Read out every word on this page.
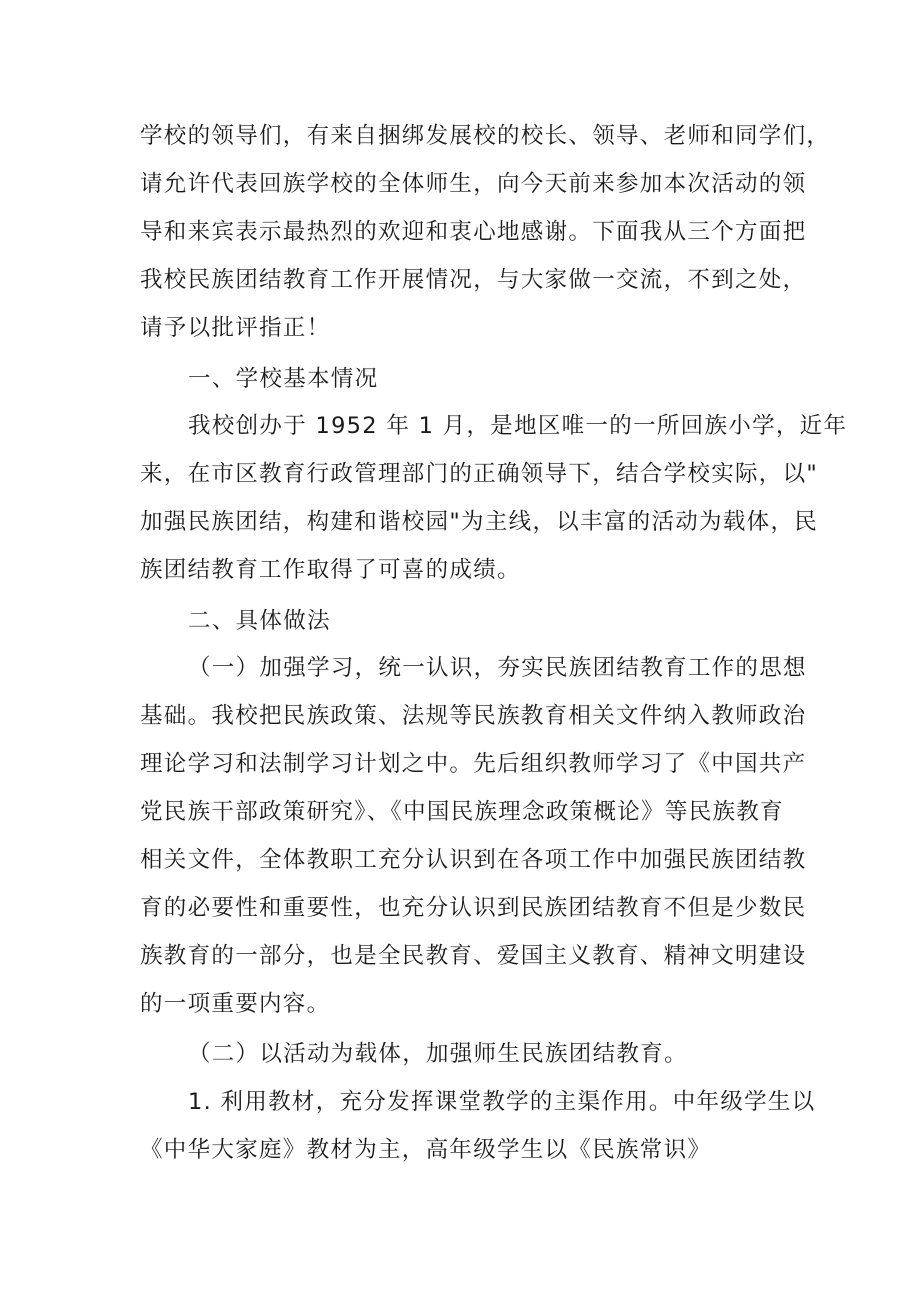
学校的领导们，有来自捆绑发展校的校长、领导、老师和同学们，
请允许代表回族学校的全体师生，向今天前来参加本次活动的领
导和来宾表示最热烈的欢迎和衷心地感谢。下面我从三个方面把
我校民族团结教育工作开展情况，与大家做一交流，不到之处，
请予以批评指正！
一、学校基本情况
我校创办于 1952 年 1 月，是地区唯一的一所回族小学，近年
来，在市区教育行政管理部门的正确领导下，结合学校实际，以"
加强民族团结，构建和谐校园"为主线，以丰富的活动为载体，民
族团结教育工作取得了可喜的成绩。
二、具体做法
（一）加强学习，统一认识，夯实民族团结教育工作的思想
基础。我校把民族政策、法规等民族教育相关文件纳入教师政治
理论学习和法制学习计划之中。先后组织教师学习了《中国共产
党民族干部政策研究》、《中国民族理念政策概论》等民族教育
相关文件，全体教职工充分认识到在各项工作中加强民族团结教
育的必要性和重要性，也充分认识到民族团结教育不但是少数民
族教育的一部分，也是全民教育、爱国主义教育、精神文明建设
的一项重要内容。
（二）以活动为载体，加强师生民族团结教育。
1. 利用教材，充分发挥课堂教学的主渠作用。中年级学生以
《中华大家庭》教材为主，高年级学生以《民族常识》
